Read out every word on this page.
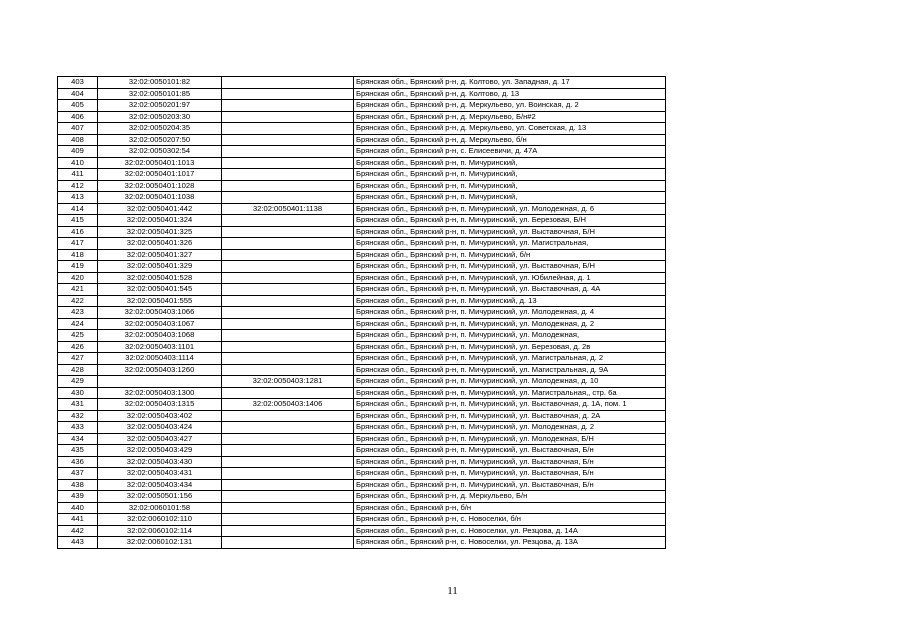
403	32:02:0050101:82		Брянская обл., Брянский р-н, д. Колтово, ул. Западная, д. 17
404	32:02:0050101:85		Брянская обл., Брянский р-н, д. Колтово, д. 13
405	32:02:0050201:97		Брянская обл., Брянский р-н, д. Меркульево, ул. Воинская, д. 2
406	32:02:0050203:30		Брянская обл., Брянский р-н, д. Меркульево, Б/н#2
407	32:02:0050204:35		Брянская обл., Брянский р-н, д. Меркульево, ул. Советская, д. 13
408	32:02:0050207:50		Брянская обл., Брянский р-н, д. Меркульево, б/н
409	32:02:0050302:54		Брянская обл., Брянский р-н, с. Елисеевичи, д. 47А
410	32:02:0050401:1013		Брянская обл., Брянский р-н, п. Мичуринский,
411	32:02:0050401:1017		Брянская обл., Брянский р-н, п. Мичуринский,
412	32:02:0050401:1028		Брянская обл., Брянский р-н, п. Мичуринский,
413	32:02:0050401:1038		Брянская обл., Брянский р-н, п. Мичуринский,
414	32:02:0050401:442	32:02:0050401:1138	Брянская обл., Брянский р-н, п. Мичуринский, ул. Молодежная, д. 6
415	32:02:0050401:324		Брянская обл., Брянский р-н, п. Мичуринский, ул. Березовая, Б/Н
416	32:02:0050401:325		Брянская обл., Брянский р-н, п. Мичуринский, ул. Выставочная, Б/Н
417	32:02:0050401:326		Брянская обл., Брянский р-н, п. Мичуринский, ул. Магистральная,
418	32:02:0050401:327		Брянская обл., Брянский р-н, п. Мичуринский, б/н
419	32:02:0050401:329		Брянская обл., Брянский р-н, п. Мичуринский, ул. Выставочная, Б/Н
420	32:02:0050401:528		Брянская обл., Брянский р-н, п. Мичуринский, ул. Юбилейная, д. 1
421	32:02:0050401:545		Брянская обл., Брянский р-н, п. Мичуринский, ул. Выставочная, д. 4А
422	32:02:0050401:555		Брянская обл., Брянский р-н, п. Мичуринский, д. 13
423	32:02:0050403:1066		Брянская обл., Брянский р-н, п. Мичуринский, ул. Молодежная, д. 4
424	32:02:0050403:1067		Брянская обл., Брянский р-н, п. Мичуринский, ул. Молодежная, д. 2
425	32:02:0050403:1068		Брянская обл., Брянский р-н, п. Мичуринский, ул. Молодежная,
426	32:02:0050403:1101		Брянская обл., Брянский р-н, п. Мичуринский, ул. Березовая, д. 2в
427	32:02:0050403:1114		Брянская обл., Брянский р-н, п. Мичуринский, ул. Магистральная, д. 2
428	32:02:0050403:1260		Брянская обл., Брянский р-н, п. Мичуринский, ул. Магистральная, д. 9А
429		32:02:0050403:1281	Брянская обл., Брянский р-н, п. Мичуринский, ул. Молодежная, д. 10
430	32:02:0050403:1300		Брянская обл., Брянский р-н, п. Мичуринский, ул. Магистральная,, стр. 6а
431	32:02:0050403:1315	32:02:0050403:1406	Брянская обл., Брянский р-н, п. Мичуринский, ул. Выставочная, д. 1А, пом. 1
432	32:02:0050403:402		Брянская обл., Брянский р-н, п. Мичуринский, ул. Выставочная, д. 2А
433	32:02:0050403:424		Брянская обл., Брянский р-н, п. Мичуринский, ул. Молодежная, д. 2
434	32:02:0050403:427		Брянская обл., Брянский р-н, п. Мичуринский, ул. Молодежная, Б/Н
435	32:02:0050403:429		Брянская обл., Брянский р-н, п. Мичуринский, ул. Выставочная, Б/н
436	32:02:0050403:430		Брянская обл., Брянский р-н, п. Мичуринский, ул. Выставочная, Б/н
437	32:02:0050403:431		Брянская обл., Брянский р-н, п. Мичуринский, ул. Выставочная, Б/н
438	32:02:0050403:434		Брянская обл., Брянский р-н, п. Мичуринский, ул. Выставочная, Б/н
439	32:02:0050501:156		Брянская обл., Брянский р-н, д. Меркульево, Б/н
440	32:02:0060101:58		Брянская обл., Брянский р-н, б/н
441	32:02:0060102:110		Брянская обл., Брянский р-н, с. Новоселки, б/н
442	32:02:0060102:114		Брянская обл., Брянский р-н, с. Новоселки, ул. Резцова, д. 14А
443	32:02:0060102:131		Брянская обл., Брянский р-н, с. Новоселки, ул. Резцова, д. 13А
11
